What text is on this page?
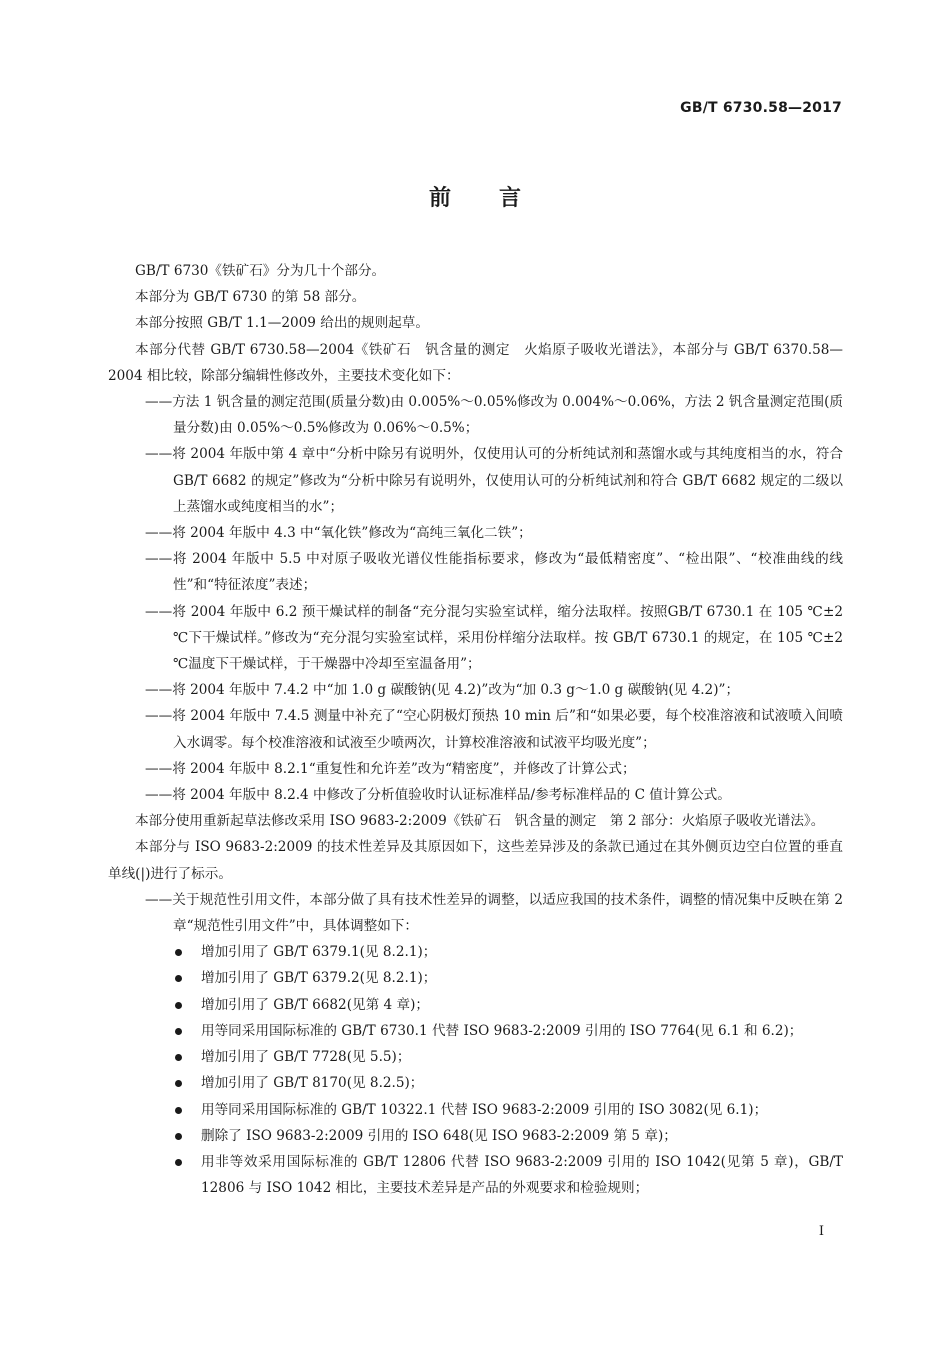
GB/T 6730.58—2017
前言

GB/T 6730《铁矿石》分为几十个部分。

本部分为 GB/T 6730 的第 58 部分。

本部分按照 GB/T 1.1—2009 给出的规则起草。

本部分代替 GB/T 6730.58—2004《铁矿石　钒含量的测定　火焰原子吸收光谱法》，本部分与 GB/T 6370.58—2004 相比较，除部分编辑性修改外，主要技术变化如下：

——方法 1 钒含量的测定范围(质量分数)由 0.005%～0.05%修改为 0.004%～0.06%，方法 2 钒含量测定范围(质量分数)由 0.05%～0.5%修改为 0.06%～0.5%；

——将 2004 年版中第 4 章中“分析中除另有说明外，仅使用认可的分析纯试剂和蒸馏水或与其纯度相当的水，符合 GB/T 6682 的规定”修改为“分析中除另有说明外，仅使用认可的分析纯试剂和符合 GB/T 6682 规定的二级以上蒸馏水或纯度相当的水”；

——将 2004 年版中 4.3 中“氧化铁”修改为“高纯三氧化二铁”；

——将 2004 年版中 5.5 中对原子吸收光谱仪性能指标要求，修改为“最低精密度”、“检出限”、“校准曲线的线性”和“特征浓度”表述；

——将 2004 年版中 6.2 预干燥试样的制备“充分混匀实验室试样，缩分法取样。按照GB/T 6730.1 在 105 ℃±2 ℃下干燥试样。”修改为“充分混匀实验室试样，采用份样缩分法取样。按 GB/T 6730.1 的规定，在 105 ℃±2 ℃温度下干燥试样，于干燥器中冷却至室温备用”；

——将 2004 年版中 7.4.2 中“加 1.0 g 碳酸钠(见 4.2)”改为“加 0.3 g～1.0 g 碳酸钠(见 4.2)”；

——将 2004 年版中 7.4.5 测量中补充了“空心阴极灯预热 10 min 后”和“如果必要，每个校准溶液和试液喷入间喷入水调零。每个校准溶液和试液至少喷两次，计算校准溶液和试液平均吸光度”；

——将 2004 年版中 8.2.1“重复性和允许差”改为“精密度”，并修改了计算公式；

——将 2004 年版中 8.2.4 中修改了分析值验收时认证标准样品/参考标准样品的 C 值计算公式。

本部分使用重新起草法修改采用 ISO 9683-2:2009《铁矿石　钒含量的测定　第 2 部分：火焰原子吸收光谱法》。

本部分与 ISO 9683-2:2009 的技术性差异及其原因如下，这些差异涉及的条款已通过在其外侧页边空白位置的垂直单线(|)进行了标示。

——关于规范性引用文件，本部分做了具有技术性差异的调整，以适应我国的技术条件，调整的情况集中反映在第 2 章“规范性引用文件”中，具体调整如下：

增加引用了 GB/T 6379.1(见 8.2.1)；
增加引用了 GB/T 6379.2(见 8.2.1)；
增加引用了 GB/T 6682(见第 4 章)；
用等同采用国际标准的 GB/T 6730.1 代替 ISO 9683-2:2009 引用的 ISO 7764(见 6.1 和 6.2)；
增加引用了 GB/T 7728(见 5.5)；
增加引用了 GB/T 8170(见 8.2.5)；
用等同采用国际标准的 GB/T 10322.1 代替 ISO 9683-2:2009 引用的 ISO 3082(见 6.1)；
删除了 ISO 9683-2:2009 引用的 ISO 648(见 ISO 9683-2:2009 第 5 章)；
用非等效采用国际标准的 GB/T 12806 代替 ISO 9683-2:2009 引用的 ISO 1042(见第 5 章)，GB/T 12806 与 ISO 1042 相比，主要技术差异是产品的外观要求和检验规则；
I
